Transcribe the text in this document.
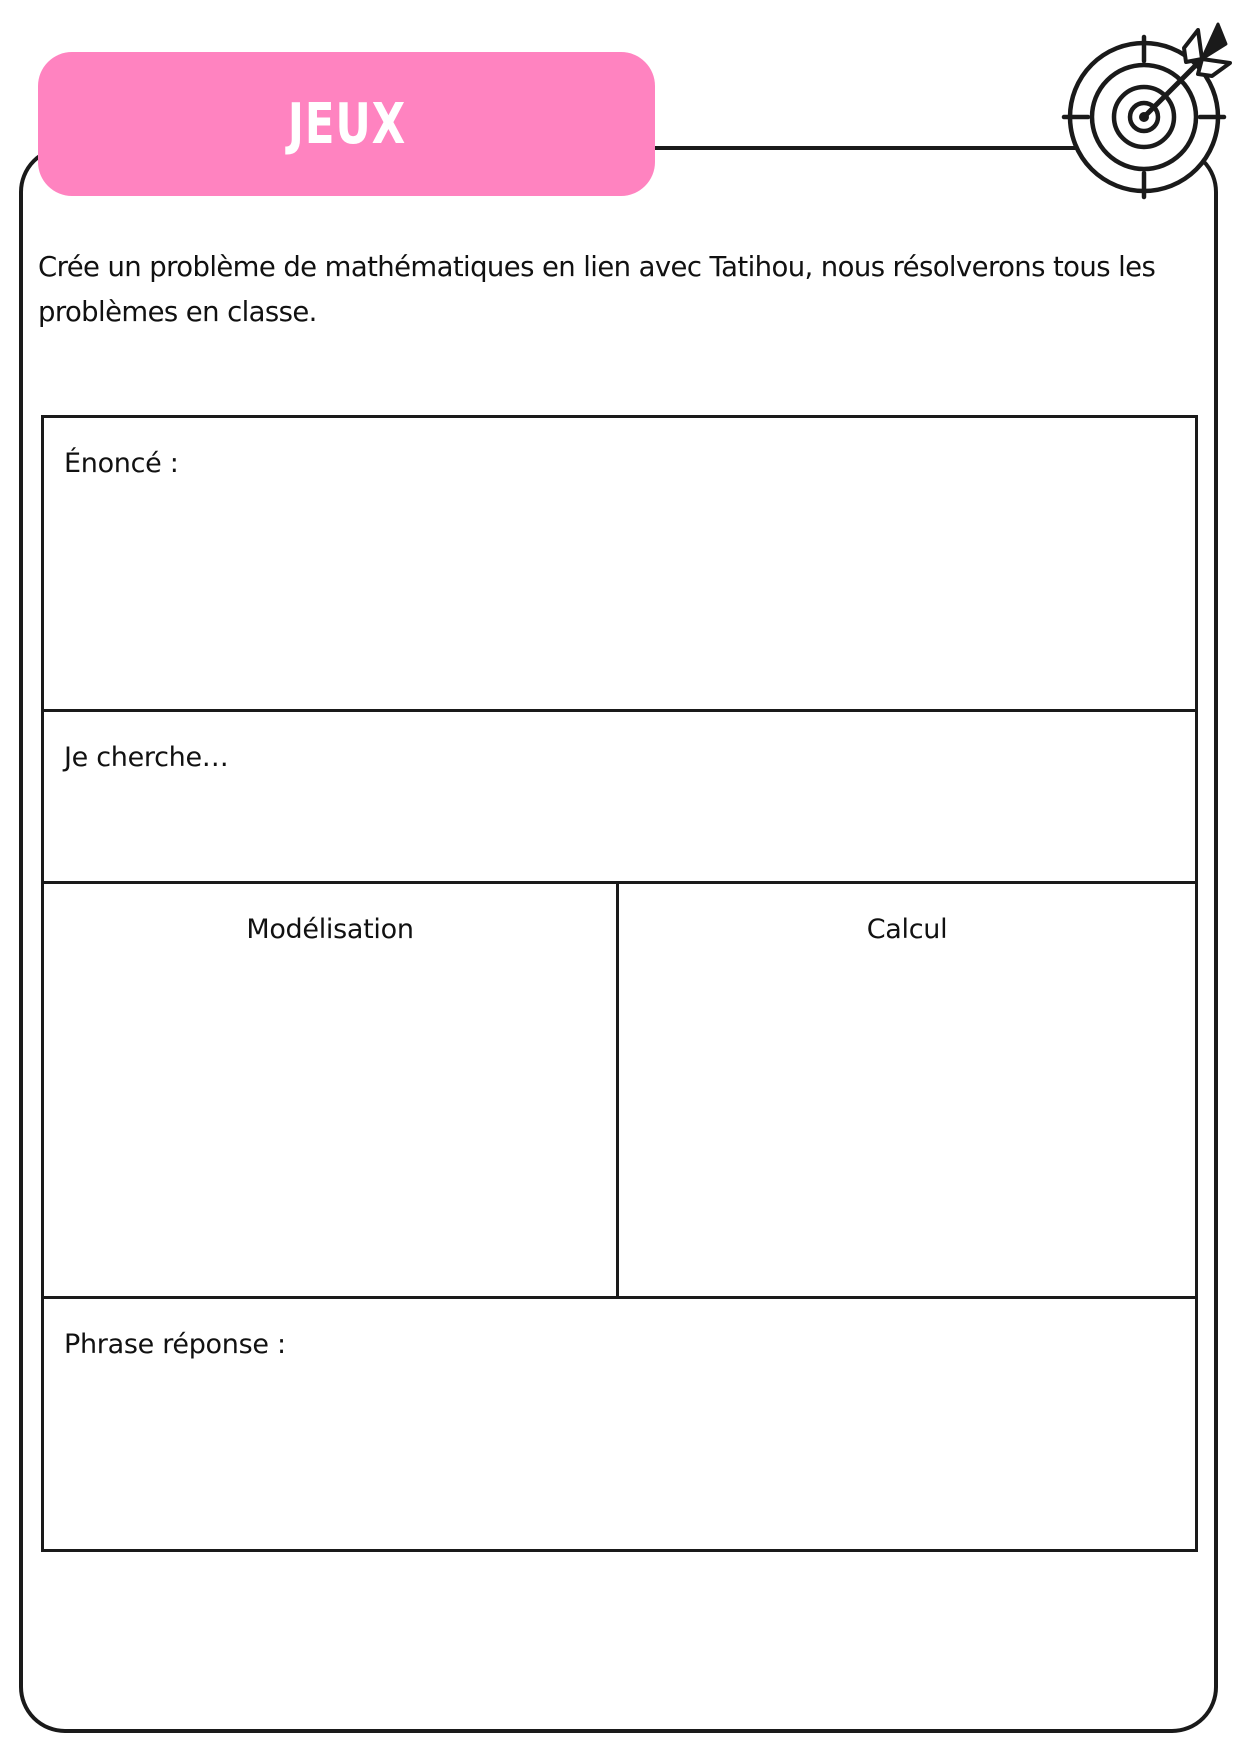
JEUX
Crée un problème de mathématiques en lien avec Tatihou, nous résolverons tous les problèmes en classe.
Énoncé :
Je cherche…
Modélisation	Calcul
Phrase réponse :
